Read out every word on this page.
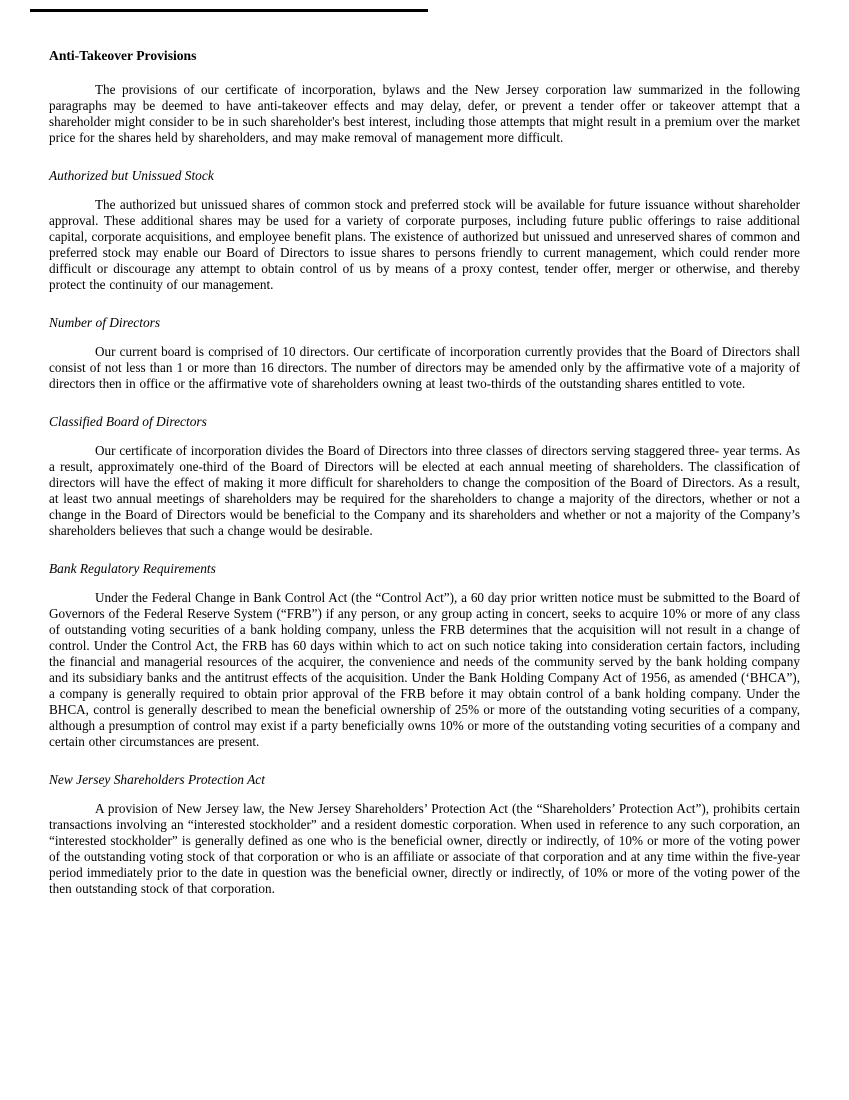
Anti-Takeover Provisions

The provisions of our certificate of incorporation, bylaws and the New Jersey corporation law summarized in the following paragraphs may be deemed to have anti-takeover effects and may delay, defer, or prevent a tender offer or takeover attempt that a shareholder might consider to be in such shareholder's best interest, including those attempts that might result in a premium over the market price for the shares held by shareholders, and may make removal of management more difficult.

Authorized but Unissued Stock

The authorized but unissued shares of common stock and preferred stock will be available for future issuance without shareholder approval. These additional shares may be used for a variety of corporate purposes, including future public offerings to raise additional capital, corporate acquisitions, and employee benefit plans. The existence of authorized but unissued and unreserved shares of common and preferred stock may enable our Board of Directors to issue shares to persons friendly to current management, which could render more difficult or discourage any attempt to obtain control of us by means of a proxy contest, tender offer, merger or otherwise, and thereby protect the continuity of our management.

Number of Directors

Our current board is comprised of 10 directors. Our certificate of incorporation currently provides that the Board of Directors shall consist of not less than 1 or more than 16 directors. The number of directors may be amended only by the affirmative vote of a majority of directors then in office or the affirmative vote of shareholders owning at least two-thirds of the outstanding shares entitled to vote.

Classified Board of Directors

Our certificate of incorporation divides the Board of Directors into three classes of directors serving staggered three- year terms. As a result, approximately one-third of the Board of Directors will be elected at each annual meeting of shareholders. The classification of directors will have the effect of making it more difficult for shareholders to change the composition of the Board of Directors. As a result, at least two annual meetings of shareholders may be required for the shareholders to change a majority of the directors, whether or not a change in the Board of Directors would be beneficial to the Company and its shareholders and whether or not a majority of the Company’s shareholders believes that such a change would be desirable.

Bank Regulatory Requirements

Under the Federal Change in Bank Control Act (the “Control Act”), a 60 day prior written notice must be submitted to the Board of Governors of the Federal Reserve System (“FRB”) if any person, or any group acting in concert, seeks to acquire 10% or more of any class of outstanding voting securities of a bank holding company, unless the FRB determines that the acquisition will not result in a change of control. Under the Control Act, the FRB has 60 days within which to act on such notice taking into consideration certain factors, including the financial and managerial resources of the acquirer, the convenience and needs of the community served by the bank holding company and its subsidiary banks and the antitrust effects of the acquisition. Under the Bank Holding Company Act of 1956, as amended (‘BHCA”), a company is generally required to obtain prior approval of the FRB before it may obtain control of a bank holding company. Under the BHCA, control is generally described to mean the beneficial ownership of 25% or more of the outstanding voting securities of a company, although a presumption of control may exist if a party beneficially owns 10% or more of the outstanding voting securities of a company and certain other circumstances are present.

New Jersey Shareholders Protection Act

A provision of New Jersey law, the New Jersey Shareholders’ Protection Act (the “Shareholders’ Protection Act”), prohibits certain transactions involving an “interested stockholder” and a resident domestic corporation. When used in reference to any such corporation, an “interested stockholder” is generally defined as one who is the beneficial owner, directly or indirectly, of 10% or more of the voting power of the outstanding voting stock of that corporation or who is an affiliate or associate of that corporation and at any time within the five-year period immediately prior to the date in question was the beneficial owner, directly or indirectly, of 10% or more of the voting power of the then outstanding stock of that corporation.
